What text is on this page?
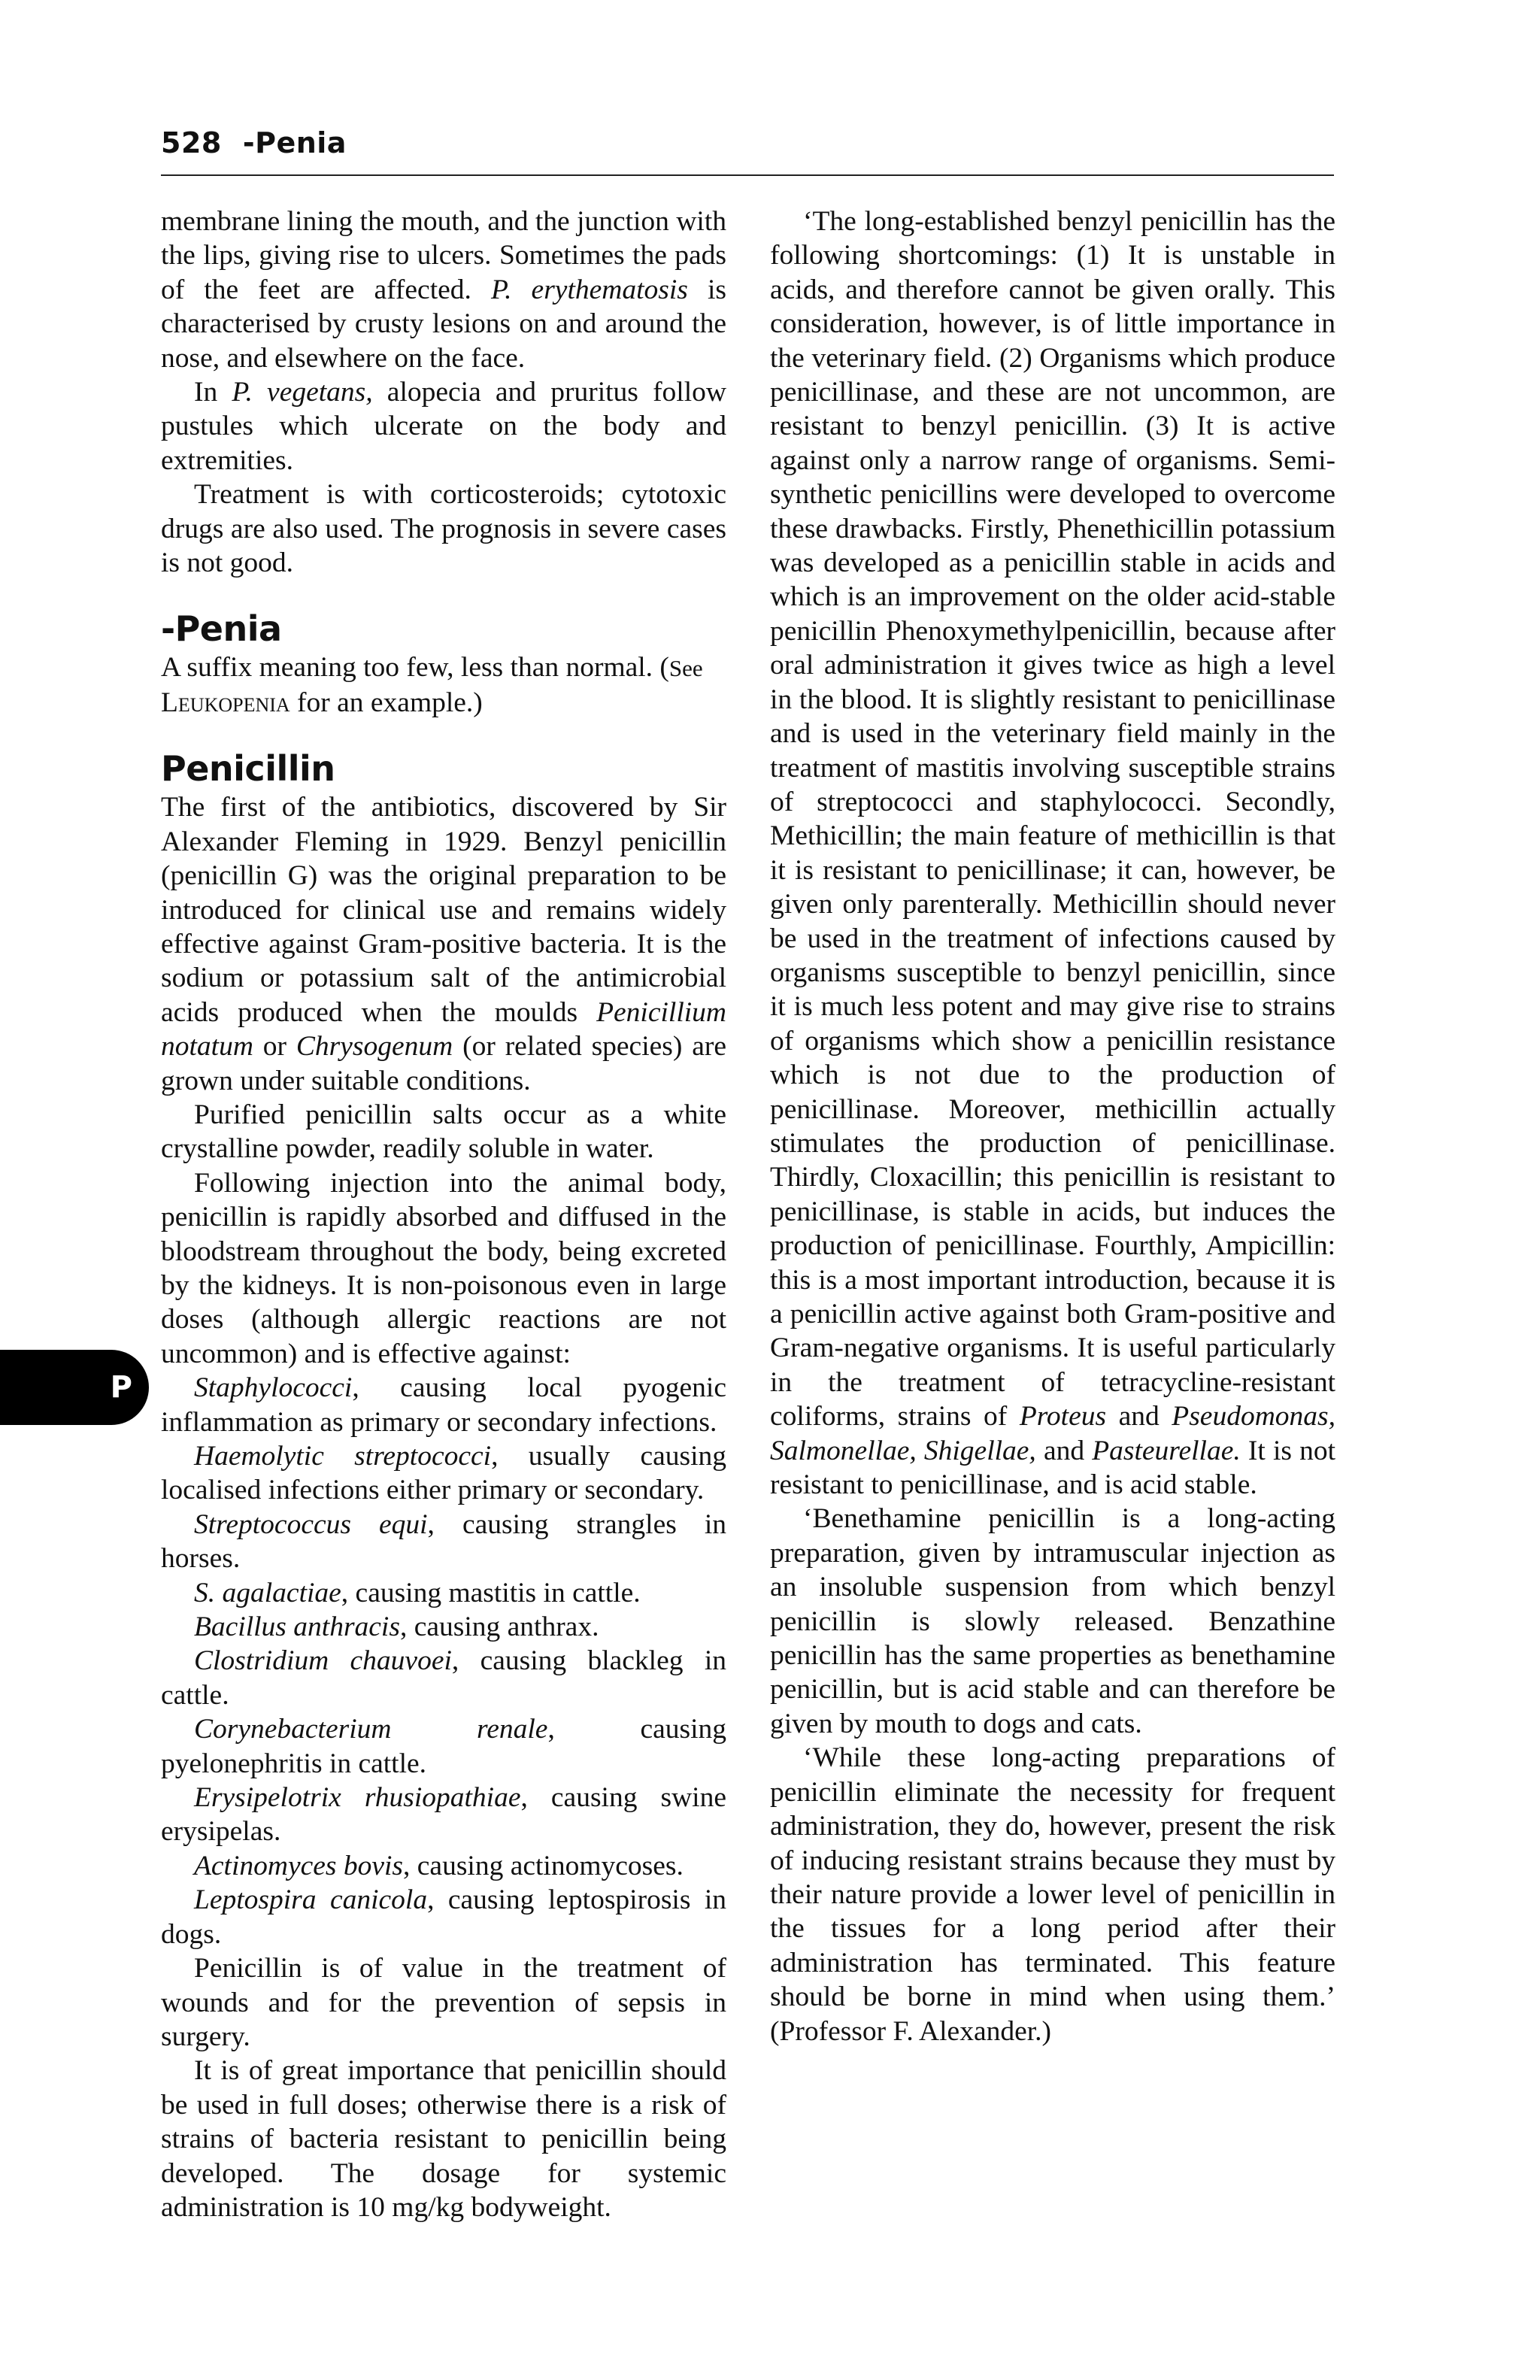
528 -Penia
P

membrane lining the mouth, and the junction with the lips, giving rise to ulcers. Sometimes the pads of the feet are affected. P. erythematosis is characterised by crusty lesions on and around the nose, and elsewhere on the face.

In P. vegetans, alopecia and pruritus follow pustules which ulcerate on the body and extremities.

Treatment is with corticosteroids; cytotoxic drugs are also used. The prognosis in severe cases is not good.

-Penia

A suffix meaning too few, less than normal. (See
Leukopenia for an example.)

Penicillin

The first of the antibiotics, discovered by Sir Alexander Fleming in 1929. Benzyl penicillin (penicillin G) was the original preparation to be introduced for clinical use and remains widely effective against Gram-positive bacteria. It is the sodium or potassium salt of the antimicrobial acids produced when the moulds Penicillium notatum or Chrysogenum (or related species) are grown under suitable conditions.

Purified penicillin salts occur as a white crystalline powder, readily soluble in water.

Following injection into the animal body, penicillin is rapidly absorbed and diffused in the bloodstream throughout the body, being excreted by the kidneys. It is non-poisonous even in large doses (although allergic reactions are not uncommon) and is effective against:

Staphylococci, causing local pyogenic inflammation as primary or secondary infections.

Haemolytic streptococci, usually causing localised infections either primary or secondary.

Streptococcus equi, causing strangles in horses.

S. agalactiae, causing mastitis in cattle.

Bacillus anthracis, causing anthrax.

Clostridium chauvoei, causing blackleg in cattle.

Corynebacterium renale, causing pyelonephritis in cattle.

Erysipelotrix rhusiopathiae, causing swine erysipelas.

Actinomyces bovis, causing actinomycoses.

Leptospira canicola, causing leptospirosis in dogs.

Penicillin is of value in the treatment of wounds and for the prevention of sepsis in surgery.

It is of great importance that penicillin should be used in full doses; otherwise there is a risk of strains of bacteria resistant to penicillin being developed. The dosage for systemic administration is 10 mg/kg bodyweight.

‘The long-established benzyl penicillin has the following shortcomings: (1) It is unstable in acids, and therefore cannot be given orally. This consideration, however, is of little importance in the veterinary field. (2) Organisms which produce penicillinase, and these are not uncommon, are resistant to benzyl penicillin. (3) It is active against only a narrow range of organisms. Semi-synthetic penicillins were developed to overcome these drawbacks. Firstly, Phenethicillin potassium was developed as a penicillin stable in acids and which is an improvement on the older acid-stable penicillin Phenoxymethylpenicillin, because after oral administration it gives twice as high a level in the blood. It is slightly resistant to penicillinase and is used in the veterinary field mainly in the treatment of mastitis involving susceptible strains of streptococci and staphylococci. Secondly, Methicillin; the main feature of methicillin is that it is resistant to penicillinase; it can, however, be given only parenterally. Methicillin should never be used in the treatment of infections caused by organisms susceptible to benzyl penicillin, since it is much less potent and may give rise to strains of organisms which show a penicillin resistance which is not due to the production of penicillinase. Moreover, methicillin actually stimulates the production of penicillinase. Thirdly, Cloxacillin; this penicillin is resistant to penicillinase, is stable in acids, but induces the production of penicillinase. Fourthly, Ampicillin: this is a most important introduction, because it is a penicillin active against both Gram-positive and Gram-negative organisms. It is useful particularly in the treatment of tetracycline-resistant coliforms, strains of Proteus and Pseudomonas, Salmonellae, Shigellae, and Pasteurellae. It is not resistant to penicillinase, and is acid stable.

‘Benethamine penicillin is a long-acting preparation, given by intramuscular injection as an insoluble suspension from which benzyl penicillin is slowly released. Benzathine penicillin has the same properties as benethamine penicillin, but is acid stable and can therefore be given by mouth to dogs and cats.

‘While these long-acting preparations of penicillin eliminate the necessity for frequent administration, they do, however, present the risk of inducing resistant strains because they must by their nature provide a lower level of penicillin in the tissues for a long period after their administration has terminated. This feature should be borne in mind when using them.’ (Professor F. Alexander.)
